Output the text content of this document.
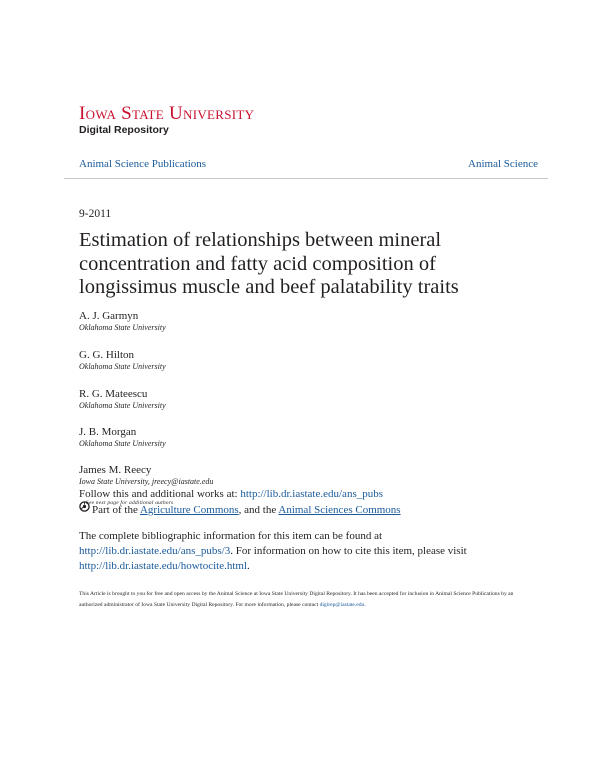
Iowa State University
Digital Repository
Animal Science Publications	Animal Science
9-2011
Estimation of relationships between mineral concentration and fatty acid composition of longissimus muscle and beef palatability traits
A. J. Garmyn
Oklahoma State University
G. G. Hilton
Oklahoma State University
R. G. Mateescu
Oklahoma State University
J. B. Morgan
Oklahoma State University
James M. Reecy
Iowa State University, jreecy@iastate.edu
Follow this and additional works at: http://lib.dr.iastate.edu/ans_pubs
See next page for additional authors
Part of the Agriculture Commons, and the Animal Sciences Commons
The complete bibliographic information for this item can be found at http://lib.dr.iastate.edu/ans_pubs/3. For information on how to cite this item, please visit http://lib.dr.iastate.edu/howtocite.html.
This Article is brought to you for free and open access by the Animal Science at Iowa State University Digital Repository. It has been accepted for inclusion in Animal Science Publications by an authorized administrator of Iowa State University Digital Repository. For more information, please contact digirep@iastate.edu.
